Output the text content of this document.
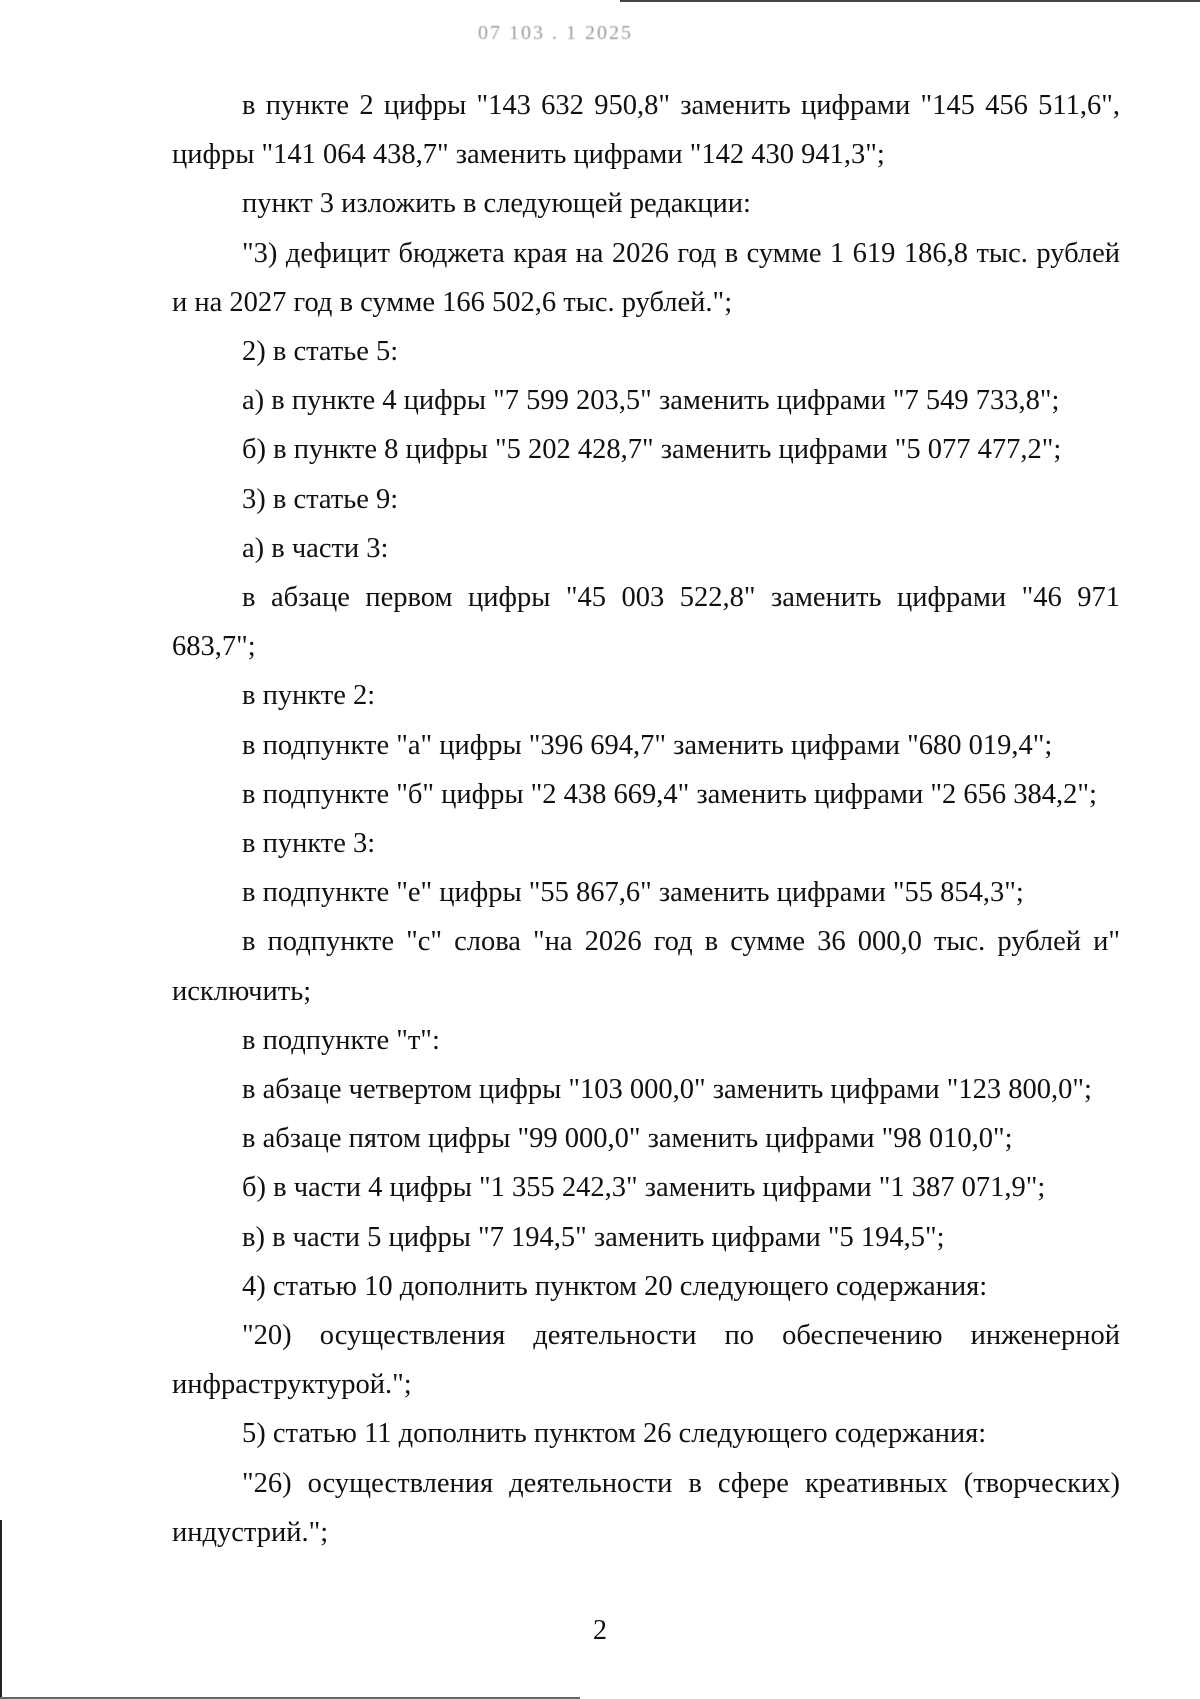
07 103 . 1 2025

в пункте 2 цифры "143 632 950,8" заменить цифрами "145 456 511,6", цифры "141 064 438,7" заменить цифрами "142 430 941,3";

пункт 3 изложить в следующей редакции:

"3) дефицит бюджета края на 2026 год в сумме 1 619 186,8 тыс. рублей и на 2027 год в сумме 166 502,6 тыс. рублей.";

2) в статье 5:

а) в пункте 4 цифры "7 599 203,5" заменить цифрами "7 549 733,8";

б) в пункте 8 цифры "5 202 428,7" заменить цифрами "5 077 477,2";

3) в статье 9:

а) в части 3:

в абзаце первом цифры "45 003 522,8" заменить цифрами "46 971 683,7";

в пункте 2:

в подпункте "а" цифры "396 694,7" заменить цифрами "680 019,4";

в подпункте "б" цифры "2 438 669,4" заменить цифрами "2 656 384,2";

в пункте 3:

в подпункте "е" цифры "55 867,6" заменить цифрами "55 854,3";

в подпункте "с" слова "на 2026 год в сумме 36 000,0 тыс. рублей и" исключить;

в подпункте "т":

в абзаце четвертом цифры "103 000,0" заменить цифрами "123 800,0";

в абзаце пятом цифры "99 000,0" заменить цифрами "98 010,0";

б) в части 4 цифры "1 355 242,3" заменить цифрами "1 387 071,9";

в) в части 5 цифры "7 194,5" заменить цифрами "5 194,5";

4) статью 10 дополнить пунктом 20 следующего содержания:

"20) осуществления деятельности по обеспечению инженерной инфраструктурой.";

5) статью 11 дополнить пунктом 26 следующего содержания:

"26) осуществления деятельности в сфере креативных (творческих) индустрий.";

2
